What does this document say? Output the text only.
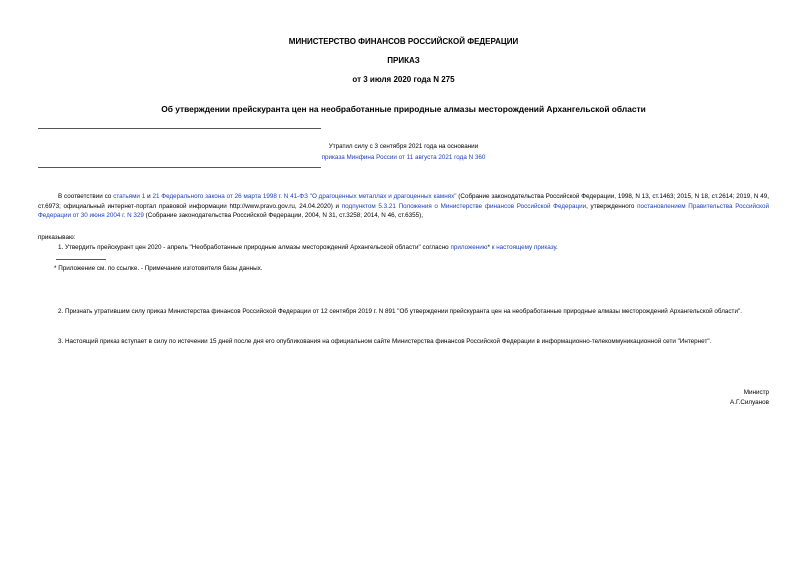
МИНИСТЕРСТВО ФИНАНСОВ РОССИЙСКОЙ ФЕДЕРАЦИИ
ПРИКАЗ
от 3 июля 2020 года N 275
Об утверждении прейскуранта цен на необработанные природные алмазы месторождений Архангельской области
Утратил силу с 3 сентября 2021 года на основании
приказа Минфина России от 11 августа 2021 года N 360
В соответствии со статьями 1 и 21 Федерального закона от 26 марта 1998 г. N 41-ФЗ "О драгоценных металлах и драгоценных камнях" (Собрание законодательства Российской Федерации, 1998, N 13, ст.1463; 2015, N 18, ст.2614; 2019, N 49, ст.6973; официальный интернет-портал правовой информации http://www.pravo.gov.ru, 24.04.2020) и подпунктом 5.3.21 Положения о Министерстве финансов Российской Федерации, утвержденного постановлением Правительства Российской Федерации от 30 июня 2004 г. N 329 (Собрание законодательства Российской Федерации, 2004, N 31, ст.3258; 2014, N 46, ст.6355),
приказываю:
1. Утвердить прейскурант цен 2020 - апрель "Необработанные природные алмазы месторождений Архангельской области" согласно приложению* к настоящему приказу.
* Приложение см. по ссылке. - Примечание изготовителя базы данных.
2. Признать утратившим силу приказ Министерства финансов Российской Федерации от 12 сентября 2019 г. N 891 "Об утверждении прейскуранта цен на необработанные природные алмазы месторождений Архангельской области".
3. Настоящий приказ вступает в силу по истечении 15 дней после дня его опубликования на официальном сайте Министерства финансов Российской Федерации в информационно-телекоммуникационной сети "Интернет".
Министр
А.Г.Силуанов
